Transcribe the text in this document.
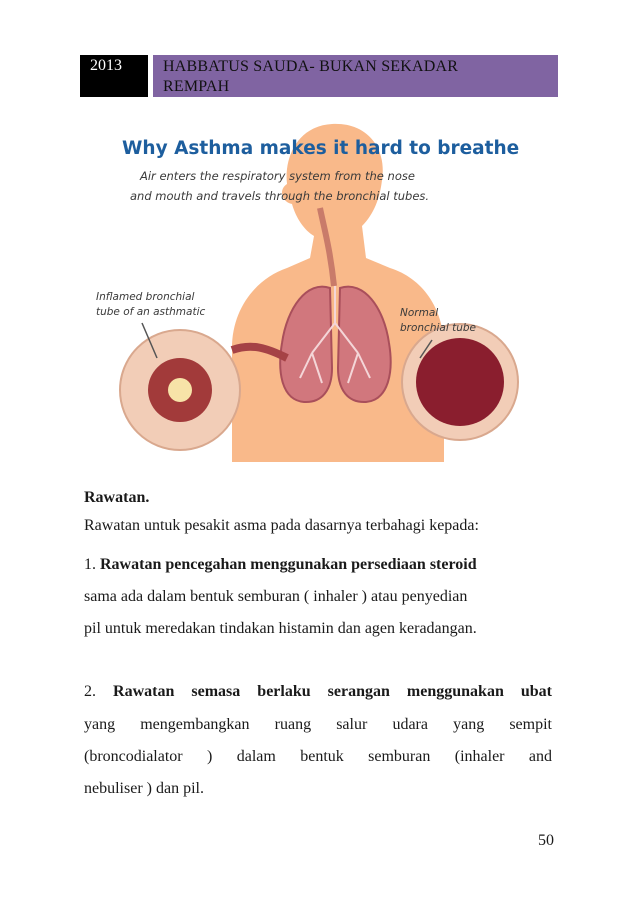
2013	HABBATUS SAUDA- BUKAN SEKADAR
REMPAH
Why Asthma makes it hard to breathe
Air enters the respiratory system from the nose
and mouth and travels through the bronchial tubes.
Inflamed bronchial
tube of an asthmatic	Normal
bronchial tube
Rawatan.
Rawatan untuk pesakit asma pada dasarnya terbahagi kepada:
1. Rawatan pencegahan menggunakan persediaan steroid
sama ada dalam bentuk semburan ( inhaler ) atau penyedian
pil untuk meredakan tindakan histamin dan agen keradangan.
2. Rawatan semasa berlaku serangan menggunakan ubat
yang mengembangkan ruang salur udara yang sempit
(broncodialator ) dalam bentuk semburan (inhaler and
nebuliser ) dan pil.
50
